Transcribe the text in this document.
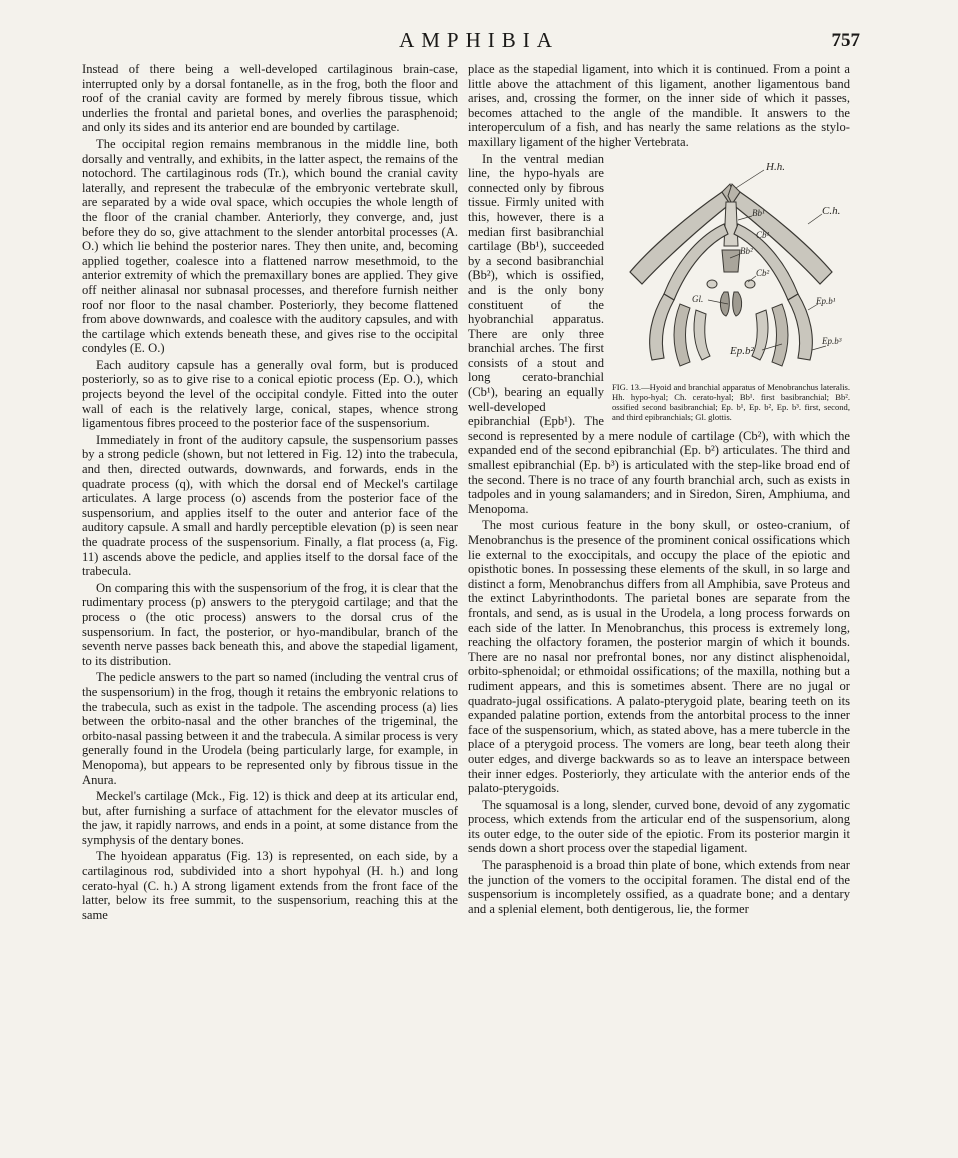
AMPHIBIA	757

Instead of there being a well-developed cartilaginous brain-case, interrupted only by a dorsal fontanelle, as in the frog, both the floor and roof of the cranial cavity are formed by merely fibrous tissue, which underlies the frontal and parietal bones, and overlies the parasphenoid; and only its sides and its anterior end are bounded by cartilage.

The occipital region remains membranous in the middle line, both dorsally and ventrally, and exhibits, in the latter aspect, the remains of the notochord. The cartilaginous rods (Tr.), which bound the cranial cavity laterally, and represent the trabeculæ of the embryonic vertebrate skull, are separated by a wide oval space, which occupies the whole length of the floor of the cranial chamber. Anteriorly, they converge, and, just before they do so, give attachment to the slender antorbital processes (A. O.) which lie behind the posterior nares. They then unite, and, becoming applied together, coalesce into a flattened narrow mesethmoid, to the anterior extremity of which the premaxillary bones are applied. They give off neither alinasal nor subnasal processes, and therefore furnish neither roof nor floor to the nasal chamber. Posteriorly, they become flattened from above downwards, and coalesce with the auditory capsules, and with the cartilage which extends beneath these, and gives rise to the occipital condyles (E. O.)

Each auditory capsule has a generally oval form, but is produced posteriorly, so as to give rise to a conical epiotic process (Ep. O.), which projects beyond the level of the occipital condyle. Fitted into the outer wall of each is the relatively large, conical, stapes, whence strong ligamentous fibres proceed to the posterior face of the suspensorium.

Immediately in front of the auditory capsule, the suspensorium passes by a strong pedicle (shown, but not lettered in Fig. 12) into the trabecula, and then, directed outwards, downwards, and forwards, ends in the quadrate process (q), with which the dorsal end of Meckel's cartilage articulates. A large process (o) ascends from the posterior face of the suspensorium, and applies itself to the outer and anterior face of the auditory capsule. A small and hardly perceptible elevation (p) is seen near the quadrate process of the suspensorium. Finally, a flat process (a, Fig. 11) ascends above the pedicle, and applies itself to the dorsal face of the trabecula.

On comparing this with the suspensorium of the frog, it is clear that the rudimentary process (p) answers to the pterygoid cartilage; and that the process o (the otic process) answers to the dorsal crus of the suspensorium. In fact, the posterior, or hyo-mandibular, branch of the seventh nerve passes back beneath this, and above the stapedial ligament, to its distribution.

The pedicle answers to the part so named (including the ventral crus of the suspensorium) in the frog, though it retains the embryonic relations to the trabecula, such as exist in the tadpole. The ascending process (a) lies between the orbito-nasal and the other branches of the trigeminal, the orbito-nasal passing between it and the trabecula. A similar process is very generally found in the Urodela (being particularly large, for example, in Menopoma), but appears to be represented only by fibrous tissue in the Anura.

Meckel's cartilage (Mck., Fig. 12) is thick and deep at its articular end, but, after furnishing a surface of attachment for the elevator muscles of the jaw, it rapidly narrows, and ends in a point, at some distance from the symphysis of the dentary bones.

The hyoidean apparatus (Fig. 13) is represented, on each side, by a cartilaginous rod, subdivided into a short hypohyal (H. h.) and long cerato-hyal (C. h.) A strong ligament extends from the front face of the latter, below its free summit, to the suspensorium, reaching this at the same

place as the stapedial ligament, into which it is continued. From a point a little above the attachment of this ligament, another ligamentous band arises, and, crossing the former, on the inner side of which it passes, becomes attached to the angle of the mandible. It answers to the interoperculum of a fish, and has nearly the same relations as the stylo-maxillary ligament of the higher Vertebrata.

H.h.
C.h.
Bb¹
Bb²
Cb¹
Cb²
Gl.	Ep.b¹
Ep.b²
Ep.b³
FIG. 13.—Hyoid and branchial apparatus of Menobranchus lateralis. Hh. hypo-hyal; Ch. cerato-hyal; Bb¹. first basibranchial; Bb². ossified second basibranchial; Ep. b¹, Ep. b², Ep. b³. first, second, and third epibranchials; Gl. glottis.

In the ventral median line, the hypo-hyals are connected only by fibrous tissue. Firmly united with this, however, there is a median first basibranchial cartilage (Bb¹), succeeded by a second basibranchial (Bb²), which is ossified, and is the only bony constituent of the hyobranchial apparatus. There are only three branchial arches. The first consists of a stout and long cerato-branchial (Cb¹), bearing an equally well-developed epibranchial (Epb¹). The second is represented by a mere nodule of cartilage (Cb²), with which the expanded end of the second epibranchial (Ep. b²) articulates. The third and smallest epibranchial (Ep. b³) is articulated with the step-like broad end of the second. There is no trace of any fourth branchial arch, such as exists in tadpoles and in young salamanders; and in Siredon, Siren, Amphiuma, and Menopoma.

The most curious feature in the bony skull, or osteo-cranium, of Menobranchus is the presence of the prominent conical ossifications which lie external to the exoccipitals, and occupy the place of the epiotic and opisthotic bones. In possessing these elements of the skull, in so large and distinct a form, Menobranchus differs from all Amphibia, save Proteus and the extinct Labyrinthodonts. The parietal bones are separate from the frontals, and send, as is usual in the Urodela, a long process forwards on each side of the latter. In Menobranchus, this process is extremely long, reaching the olfactory foramen, the posterior margin of which it bounds. There are no nasal nor prefrontal bones, nor any distinct alisphenoidal, orbito-sphenoidal; or ethmoidal ossifications; of the maxilla, nothing but a rudiment appears, and this is sometimes absent. There are no jugal or quadrato-jugal ossifications. A palato-pterygoid plate, bearing teeth on its expanded palatine portion, extends from the antorbital process to the inner face of the suspensorium, which, as stated above, has a mere tubercle in the place of a pterygoid process. The vomers are long, bear teeth along their outer edges, and diverge backwards so as to leave an interspace between their inner edges. Posteriorly, they articulate with the anterior ends of the palato-pterygoids.

The squamosal is a long, slender, curved bone, devoid of any zygomatic process, which extends from the articular end of the suspensorium, along its outer edge, to the outer side of the epiotic. From its posterior margin it sends down a short process over the stapedial ligament.

The parasphenoid is a broad thin plate of bone, which extends from near the junction of the vomers to the occipital foramen. The distal end of the suspensorium is incompletely ossified, as a quadrate bone; and a dentary and a splenial element, both dentigerous, lie, the former
